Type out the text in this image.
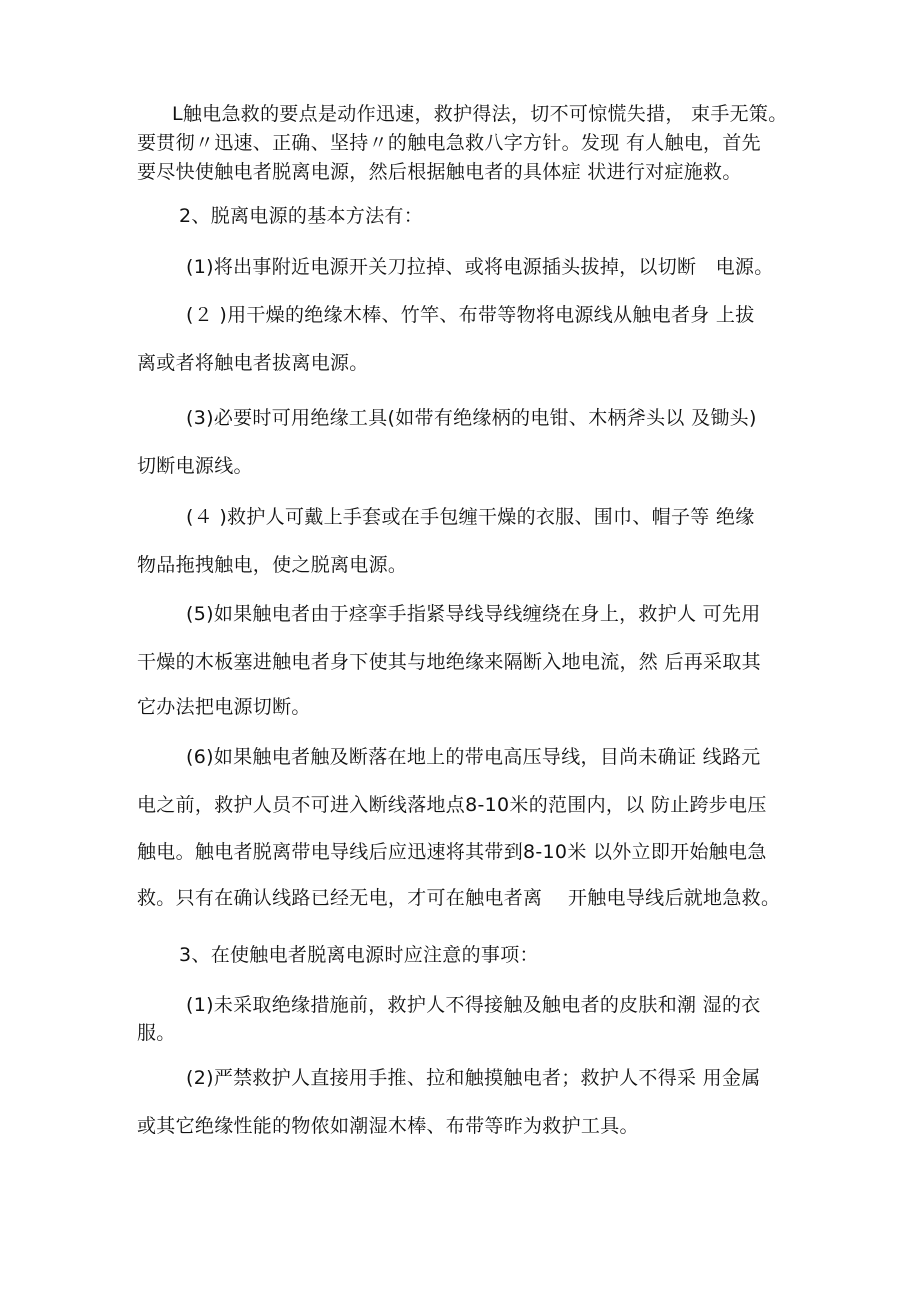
L触电急救的要点是动作迅速，救护得法，切不可惊慌失措， 束手无策。
要贯彻〃迅速、正确、坚持〃的触电急救八字方针。发现 有人触电，首先
要尽快使触电者脱离电源，然后根据触电者的具体症 状进行对症施救。
2、脱离电源的基本方法有：
(1)将出事附近电源开关刀拉掉、或将电源插头拔掉，以切断　电源。
(２ )用干燥的绝缘木棒、竹竿、布带等物将电源线从触电者身 上拔
离或者将触电者拔离电源。
(3)必要时可用绝缘工具(如带有绝缘柄的电钳、木柄斧头以 及锄头)
切断电源线。
(４ )救护人可戴上手套或在手包缠干燥的衣服、围巾、帽子等 绝缘
物品拖拽触电，使之脱离电源。
(5)如果触电者由于痉挛手指紧导线导线缠绕在身上，救护人 可先用
干燥的木板塞进触电者身下使其与地绝缘来隔断入地电流，然 后再采取其
它办法把电源切断。
(6)如果触电者触及断落在地上的带电高压导线，目尚未确证 线路元
电之前，救护人员不可进入断线落地点8-10米的范围内，以 防止跨步电压
触电。触电者脱离带电导线后应迅速将其带到8-10米 以外立即开始触电急
救。只有在确认线路已经无电，才可在触电者离　 开触电导线后就地急救。
3、在使触电者脱离电源时应注意的事项：
(1)未采取绝缘措施前，救护人不得接触及触电者的皮肤和潮 湿的衣
服。
(2)严禁救护人直接用手推、拉和触摸触电者；救护人不得采 用金属
或其它绝缘性能的物侬如潮湿木棒、布带等昨为救护工具。
